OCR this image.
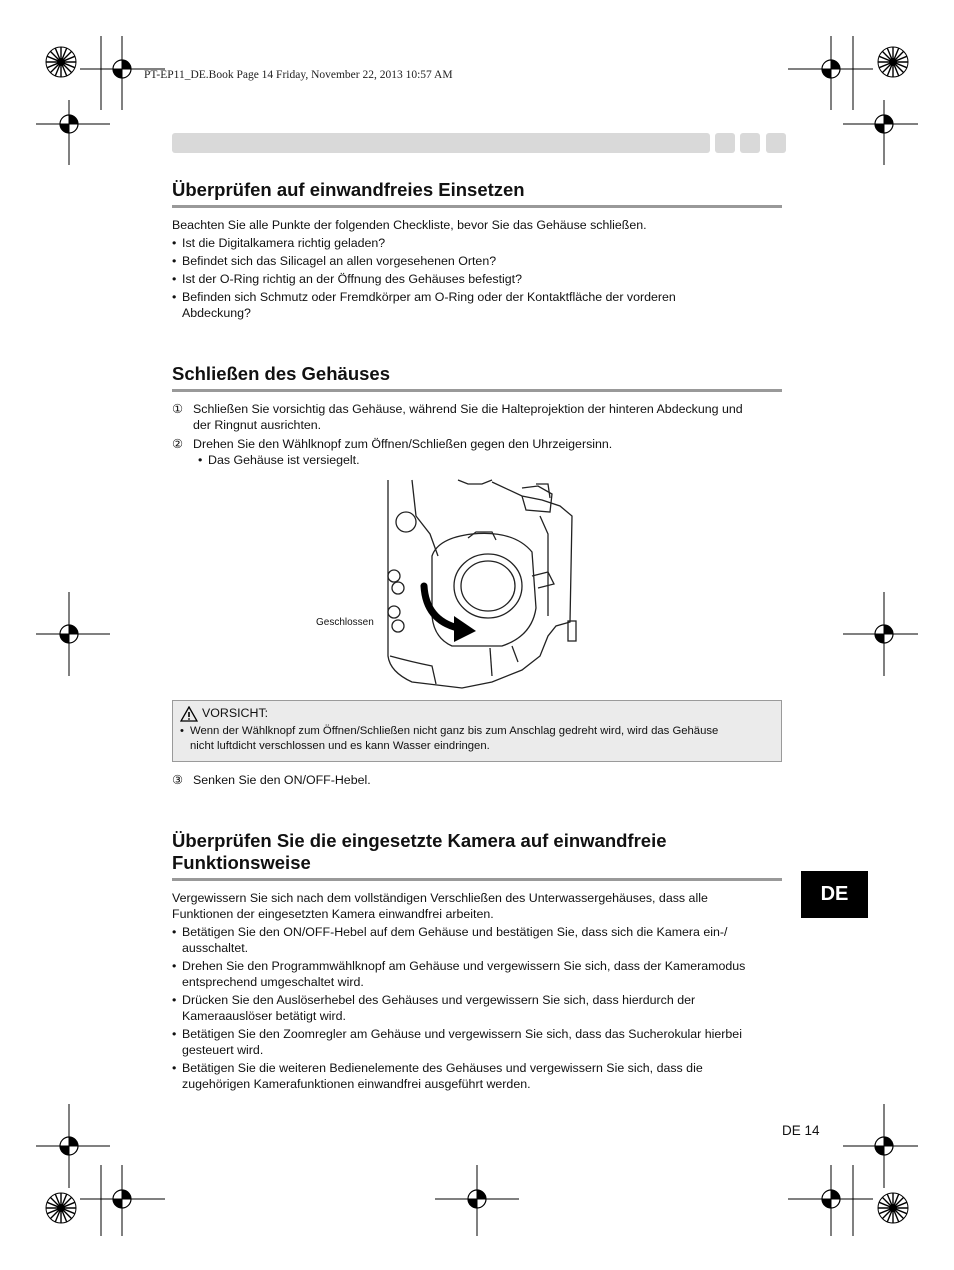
PT-EP11_DE.Book Page 14 Friday, November 22, 2013 10:57 AM
Überprüfen auf einwandfreies Einsetzen
Beachten Sie alle Punkte der folgenden Checkliste, bevor Sie das Gehäuse schließen.
• Ist die Digitalkamera richtig geladen?
• Befindet sich das Silicagel an allen vorgesehenen Orten?
• Ist der O-Ring richtig an der Öffnung des Gehäuses befestigt?
• Befinden sich Schmutz oder Fremdkörper am O-Ring oder der Kontaktfläche der vorderen
Abdeckung?
Schließen des Gehäuses
① Schließen Sie vorsichtig das Gehäuse, während Sie die Halteprojektion der hinteren Abdeckung und
der Ringnut ausrichten.
② Drehen Sie den Wählknopf zum Öffnen/Schließen gegen den Uhrzeigersinn.
• Das Gehäuse ist versiegelt.
Geschlossen
VORSICHT:
• Wenn der Wählknopf zum Öffnen/Schließen nicht ganz bis zum Anschlag gedreht wird, wird das Gehäuse
nicht luftdicht verschlossen und es kann Wasser eindringen.
③ Senken Sie den ON/OFF-Hebel.
Überprüfen Sie die eingesetzte Kamera auf einwandfreie
Funktionsweise
Vergewissern Sie sich nach dem vollständigen Verschließen des Unterwassergehäuses, dass alle
Funktionen der eingesetzten Kamera einwandfrei arbeiten.
• Betätigen Sie den ON/OFF-Hebel auf dem Gehäuse und bestätigen Sie, dass sich die Kamera ein-/
ausschaltet.
• Drehen Sie den Programmwählknopf am Gehäuse und vergewissern Sie sich, dass der Kameramodus
entsprechend umgeschaltet wird.
• Drücken Sie den Auslöserhebel des Gehäuses und vergewissern Sie sich, dass hierdurch der
Kameraauslöser betätigt wird.
• Betätigen Sie den Zoomregler am Gehäuse und vergewissern Sie sich, dass das Sucherokular hierbei
gesteuert wird.
• Betätigen Sie die weiteren Bedienelemente des Gehäuses und vergewissern Sie sich, dass die
zugehörigen Kamerafunktionen einwandfrei ausgeführt werden.
DE
DE 14
